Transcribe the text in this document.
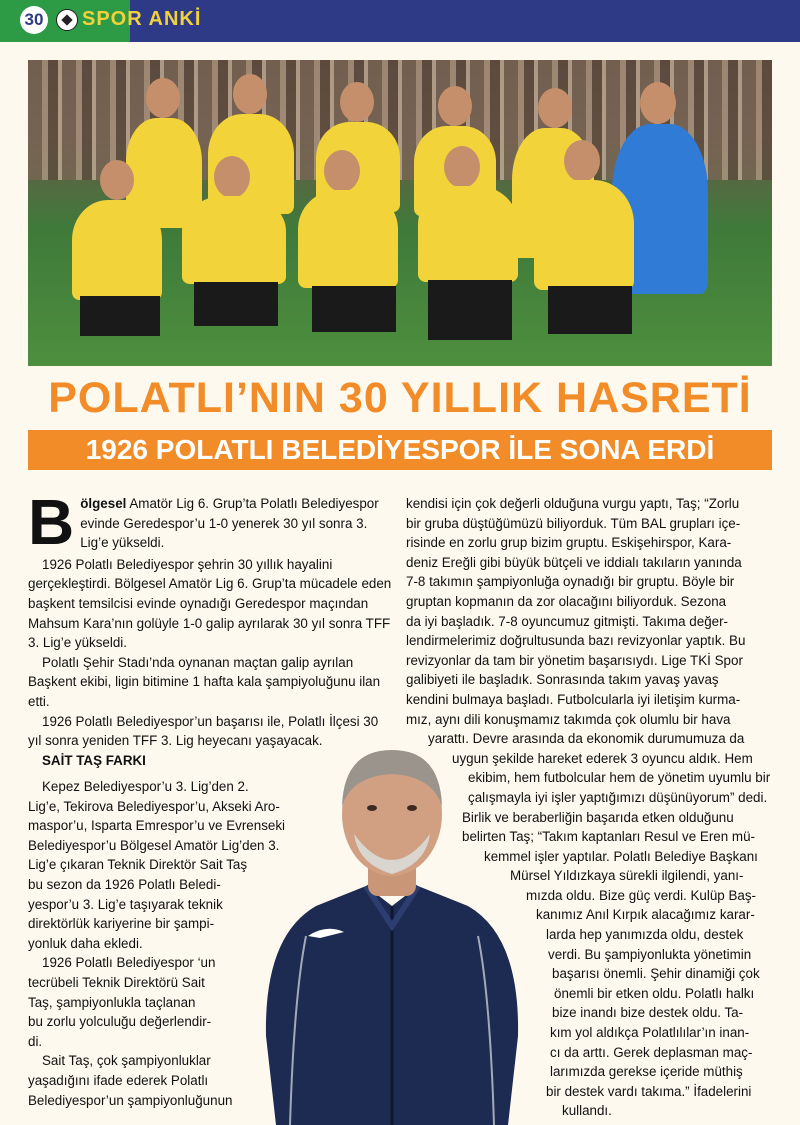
30 SPOR ANKİ
POLATLI’NIN 30 YILLIK HASRETİ
1926 POLATLI BELEDİYESPOR İLE SONA ERDİ

Bölgesel Amatör Lig 6. Grup’ta Polatlı Belediyespor evinde Geredespor’u 1-0 yenerek 30 yıl sonra 3. Lig’e yükseldi.

1926 Polatlı Belediyespor şehrin 30 yıllık hayalini gerçekleştirdi. Bölgesel Amatör Lig 6. Grup’ta mücadele eden başkent temsilcisi evinde oynadığı Geredespor maçından Mahsum Kara’nın golüyle 1-0 galip ayrılarak 30 yıl sonra TFF 3. Lig’e yükseldi.

Polatlı Şehir Stadı’nda oynanan maçtan galip ayrılan Başkent ekibi, ligin bitimine 1 hafta kala şampiyoluğunu ilan etti.

1926 Polatlı Belediyespor’un başarısı ile, Polatlı İlçesi 30 yıl sonra yeniden TFF 3. Lig heyecanı yaşayacak.

SAİT TAŞ FARKI

Kepez Belediyespor’u 3. Lig’den 2.
Lig’e, Tekirova Belediyespor’u, Akseki Aro-
maspor’u, Isparta Emrespor’u ve Evrenseki
Belediyespor’u Bölgesel Amatör Lig’den 3.
Lig’e çıkaran Teknik Direktör Sait Taş
bu sezon da 1926 Polatlı Beledi-
yespor’u 3. Lig’e taşıyarak teknik
direktörlük kariyerine bir şampi-
yonluk daha ekledi.
1926 Polatlı Belediyespor ‘un
tecrübeli Teknik Direktörü Sait
Taş, şampiyonlukla taçlanan
bu zorlu yolculuğu değerlendir-
di.
Sait Taş, çok şampiyonluklar
yaşadığını ifade ederek Polatlı
Belediyespor’un şampiyonluğunun
kendisi için çok değerli olduğuna vurgu yaptı, Taş; “Zorlu
bir gruba düştüğümüzü biliyorduk. Tüm BAL grupları içe-
risinde en zorlu grup bizim gruptu. Eskişehirspor, Kara-
deniz Ereğli gibi büyük bütçeli ve iddialı takıların yanında
7-8 takımın şampiyonluğa oynadığı bir gruptu. Böyle bir
gruptan kopmanın da zor olacağını biliyorduk. Sezona
da iyi başladık. 7-8 oyuncumuz gitmişti. Takıma değer-
lendirmelerimiz doğrultusunda bazı revizyonlar yaptık. Bu
revizyonlar da tam bir yönetim başarısıydı. Lige TKİ Spor
galibiyeti ile başladık. Sonrasında takım yavaş yavaş
kendini bulmaya başladı. Futbolcularla iyi iletişim kurma-
mız, aynı dili konuşmamız takımda çok olumlu bir hava
yarattı. Devre arasında da ekonomik durumumuza da
uygun şekilde hareket ederek 3 oyuncu aldık. Hem
ekibim, hem futbolcular hem de yönetim uyumlu bir
çalışmayla iyi işler yaptığımızı düşünüyorum” dedi.
Birlik ve beraberliğin başarıda etken olduğunu
belirten Taş; “Takım kaptanları Resul ve Eren mü-
kemmel işler yaptılar. Polatlı Belediye Başkanı
Mürsel Yıldızkaya sürekli ilgilendi, yanı-
mızda oldu. Bize güç verdi. Kulüp Baş-
kanımız Anıl Kırpık alacağımız karar-
larda hep yanımızda oldu, destek
verdi. Bu şampiyonlukta yönetimin
başarısı önemli. Şehir dinamiği çok
önemli bir etken oldu. Polatlı halkı
bize inandı bize destek oldu. Ta-
kım yol aldıkça Polatlılılar’ın inan-
cı da arttı. Gerek deplasman maç-
larımızda gerekse içeride müthiş
bir destek vardı takıma.” İfadelerini
kullandı.
